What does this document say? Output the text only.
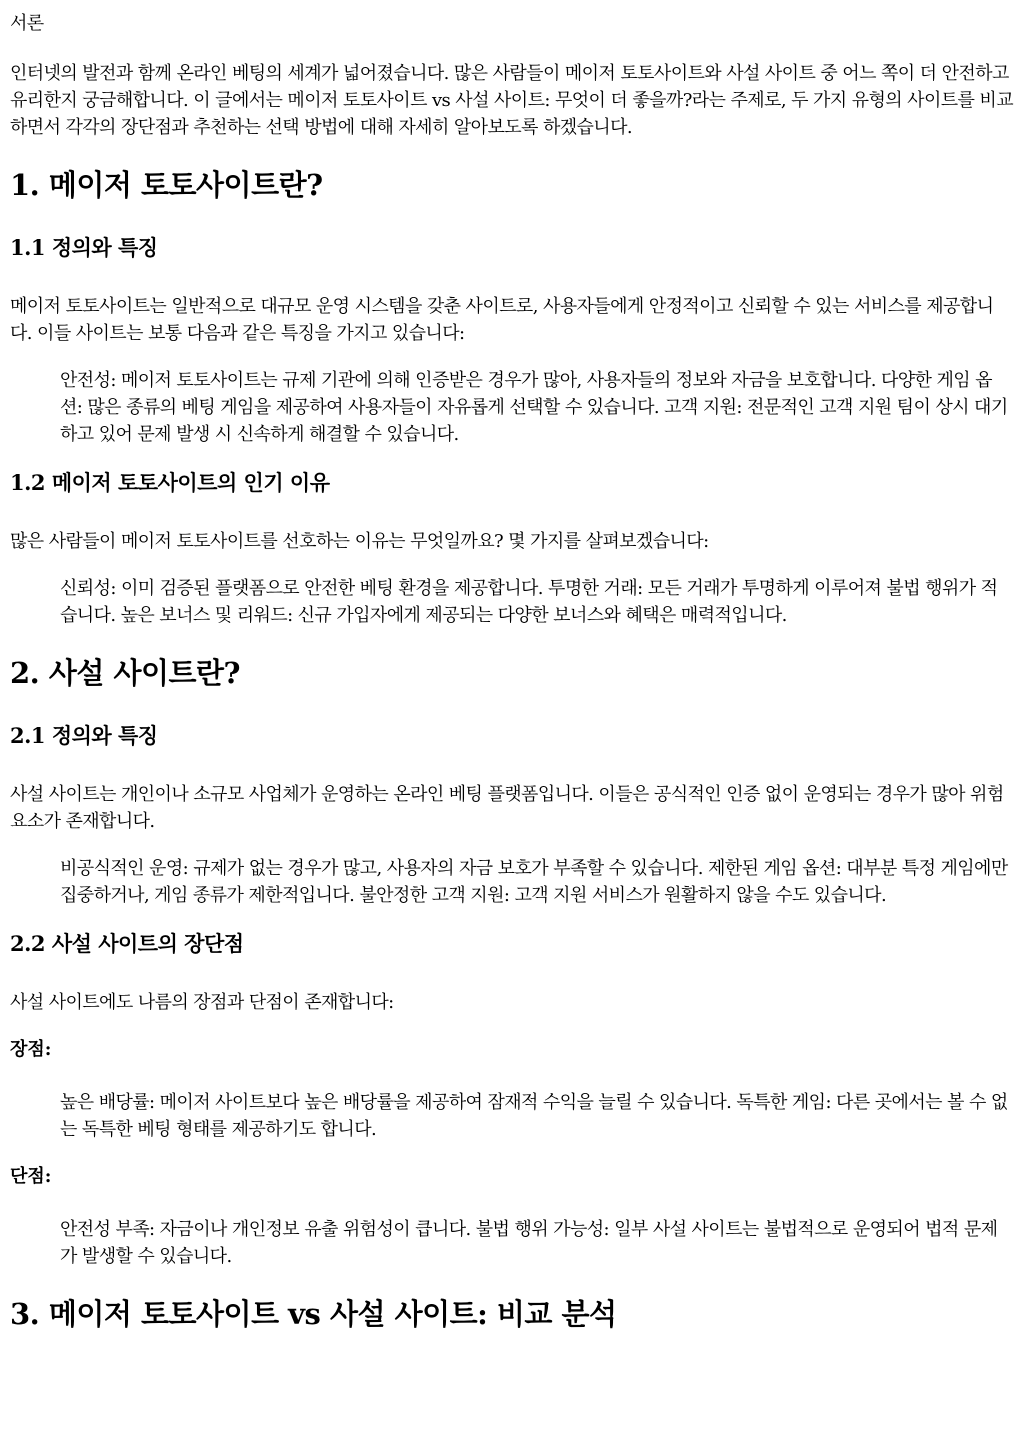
서론

인터넷의 발전과 함께 온라인 베팅의 세계가 넓어졌습니다. 많은 사람들이 메이저 토토사이트와 사설 사이트 중 어느 쪽이 더 안전하고 유리한지 궁금해합니다. 이 글에서는 메이저 토토사이트 vs 사설 사이트: 무엇이 더 좋을까?라는 주제로, 두 가지 유형의 사이트를 비교하면서 각각의 장단점과 추천하는 선택 방법에 대해 자세히 알아보도록 하겠습니다.

1. 메이저 토토사이트란?
1.1 정의와 특징

메이저 토토사이트는 일반적으로 대규모 운영 시스템을 갖춘 사이트로, 사용자들에게 안정적이고 신뢰할 수 있는 서비스를 제공합니다. 이들 사이트는 보통 다음과 같은 특징을 가지고 있습니다:

안전성: 메이저 토토사이트는 규제 기관에 의해 인증받은 경우가 많아, 사용자들의 정보와 자금을 보호합니다. 다양한 게임 옵션: 많은 종류의 베팅 게임을 제공하여 사용자들이 자유롭게 선택할 수 있습니다. 고객 지원: 전문적인 고객 지원 팀이 상시 대기하고 있어 문제 발생 시 신속하게 해결할 수 있습니다.
1.2 메이저 토토사이트의 인기 이유

많은 사람들이 메이저 토토사이트를 선호하는 이유는 무엇일까요? 몇 가지를 살펴보겠습니다:

신뢰성: 이미 검증된 플랫폼으로 안전한 베팅 환경을 제공합니다. 투명한 거래: 모든 거래가 투명하게 이루어져 불법 행위가 적습니다. 높은 보너스 및 리워드: 신규 가입자에게 제공되는 다양한 보너스와 혜택은 매력적입니다.
2. 사설 사이트란?
2.1 정의와 특징

사설 사이트는 개인이나 소규모 사업체가 운영하는 온라인 베팅 플랫폼입니다. 이들은 공식적인 인증 없이 운영되는 경우가 많아 위험 요소가 존재합니다.

비공식적인 운영: 규제가 없는 경우가 많고, 사용자의 자금 보호가 부족할 수 있습니다. 제한된 게임 옵션: 대부분 특정 게임에만 집중하거나, 게임 종류가 제한적입니다. 불안정한 고객 지원: 고객 지원 서비스가 원활하지 않을 수도 있습니다.
2.2 사설 사이트의 장단점

사설 사이트에도 나름의 장점과 단점이 존재합니다:

장점:
높은 배당률: 메이저 사이트보다 높은 배당률을 제공하여 잠재적 수익을 늘릴 수 있습니다. 독특한 게임: 다른 곳에서는 볼 수 없는 독특한 베팅 형태를 제공하기도 합니다.
단점:
안전성 부족: 자금이나 개인정보 유출 위험성이 큽니다. 불법 행위 가능성: 일부 사설 사이트는 불법적으로 운영되어 법적 문제가 발생할 수 있습니다.
3. 메이저 토토사이트 vs 사설 사이트: 비교 분석
